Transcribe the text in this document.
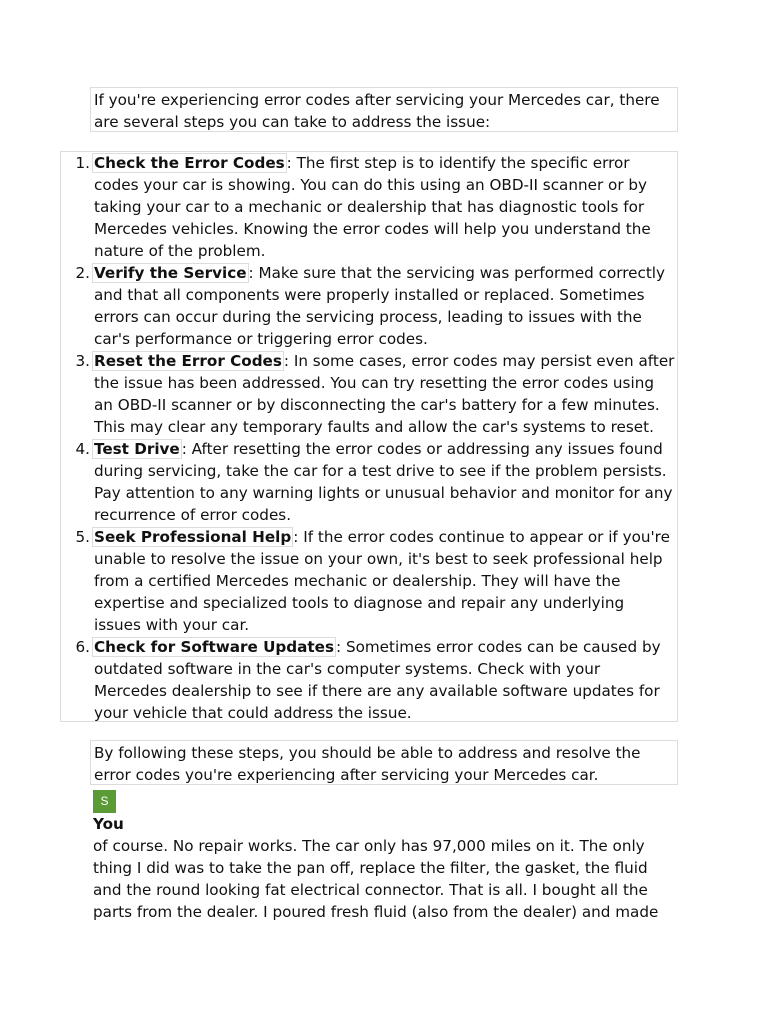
If you're experiencing error codes after servicing your Mercedes car, there are several steps you can take to address the issue:
1. Check the Error Codes : The first step is to identify the specific error codes your car is showing. You can do this using an OBD-II scanner or by taking your car to a mechanic or dealership that has diagnostic tools for Mercedes vehicles. Knowing the error codes will help you understand the nature of the problem.
2. Verify the Service : Make sure that the servicing was performed correctly and that all components were properly installed or replaced. Sometimes errors can occur during the servicing process, leading to issues with the car's performance or triggering error codes.
3. Reset the Error Codes : In some cases, error codes may persist even after the issue has been addressed. You can try resetting the error codes using an OBD-II scanner or by disconnecting the car's battery for a few minutes. This may clear any temporary faults and allow the car's systems to reset.
4. Test Drive : After resetting the error codes or addressing any issues found during servicing, take the car for a test drive to see if the problem persists. Pay attention to any warning lights or unusual behavior and monitor for any recurrence of error codes.
5. Seek Professional Help : If the error codes continue to appear or if you're unable to resolve the issue on your own, it's best to seek professional help from a certified Mercedes mechanic or dealership. They will have the expertise and specialized tools to diagnose and repair any underlying issues with your car.
6. Check for Software Updates : Sometimes error codes can be caused by outdated software in the car's computer systems. Check with your Mercedes dealership to see if there are any available software updates for your vehicle that could address the issue.
By following these steps, you should be able to address and resolve the error codes you're experiencing after servicing your Mercedes car.
S
You
of course. No repair works. The car only has 97,000 miles on it. The only thing I did was to take the pan off, replace the filter, the gasket, the fluid and the round looking fat electrical connector. That is all. I bought all the parts from the dealer. I poured fresh fluid (also from the dealer) and made
